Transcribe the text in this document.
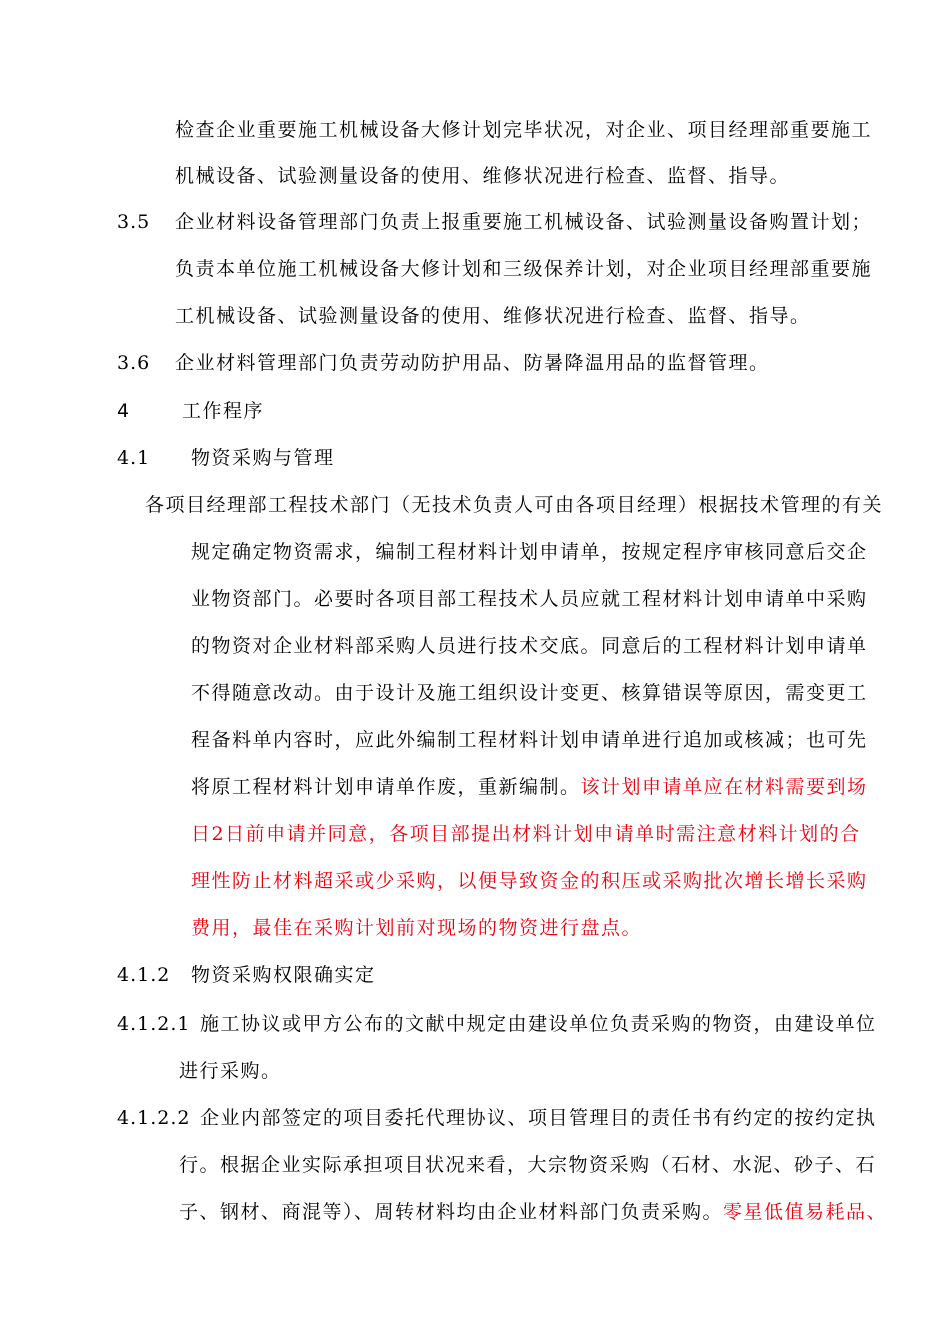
检查企业重要施工机械设备大修计划完毕状况，对企业、项目经理部重要施工
机械设备、试验测量设备的使用、维修状况进行检查、监督、指导。
3.5 企业材料设备管理部门负责上报重要施工机械设备、试验测量设备购置计划；
负责本单位施工机械设备大修计划和三级保养计划，对企业项目经理部重要施
工机械设备、试验测量设备的使用、维修状况进行检查、监督、指导。
3.6 企业材料管理部门负责劳动防护用品、防暑降温用品的监督管理。
4	工作程序
4.1 物资采购与管理
各项目经理部工程技术部门（无技术负责人可由各项目经理）根据技术管理的有关
规定确定物资需求，编制工程材料计划申请单，按规定程序审核同意后交企
业物资部门。必要时各项目部工程技术人员应就工程材料计划申请单中采购
的物资对企业材料部采购人员进行技术交底。同意后的工程材料计划申请单
不得随意改动。由于设计及施工组织设计变更、核算错误等原因，需变更工
程备料单内容时，应此外编制工程材料计划申请单进行追加或核减；也可先
将原工程材料计划申请单作废，重新编制。该计划申请单应在材料需要到场
日2日前申请并同意，各项目部提出材料计划申请单时需注意材料计划的合
理性防止材料超采或少采购，以便导致资金的积压或采购批次增长增长采购
费用，最佳在采购计划前对现场的物资进行盘点。
4.1.2 物资采购权限确实定
4.1.2.1 施工协议或甲方公布的文献中规定由建设单位负责采购的物资，由建设单位
进行采购。
4.1.2.2 企业内部签定的项目委托代理协议、项目管理目的责任书有约定的按约定执
行。根据企业实际承担项目状况来看，大宗物资采购（石材、水泥、砂子、石
子、钢材、商混等）、周转材料均由企业材料部门负责采购。零星低值易耗品、
